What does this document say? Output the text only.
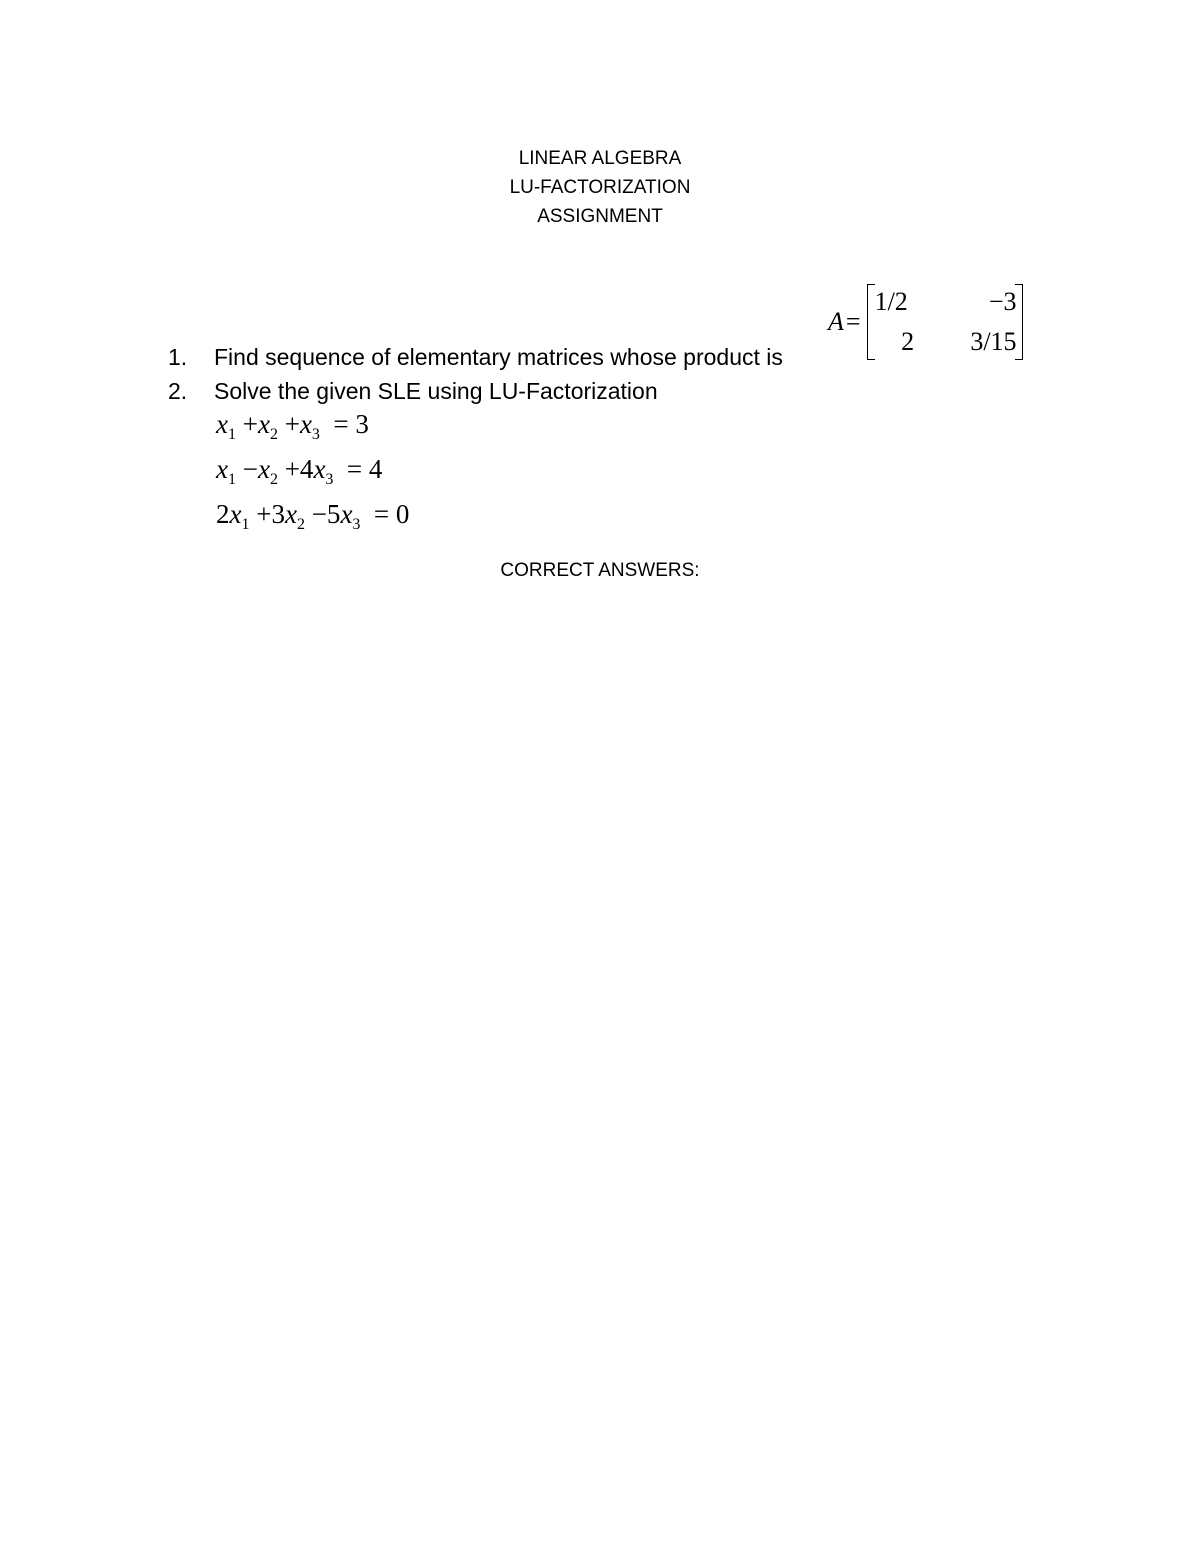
LINEAR ALGEBRA
LU-FACTORIZATION
ASSIGNMENT
A =
1/2	−3
2	3/15
1.	Find sequence of elementary matrices whose product is
2.	Solve the given SLE using LU-Factorization
$x_1 +x_2 +x_3 = 3$
$x_1 -x_2 +4x_3 = 4$
$2x_1 +3x_2 -5x_3 = 0$
CORRECT ANSWERS:
